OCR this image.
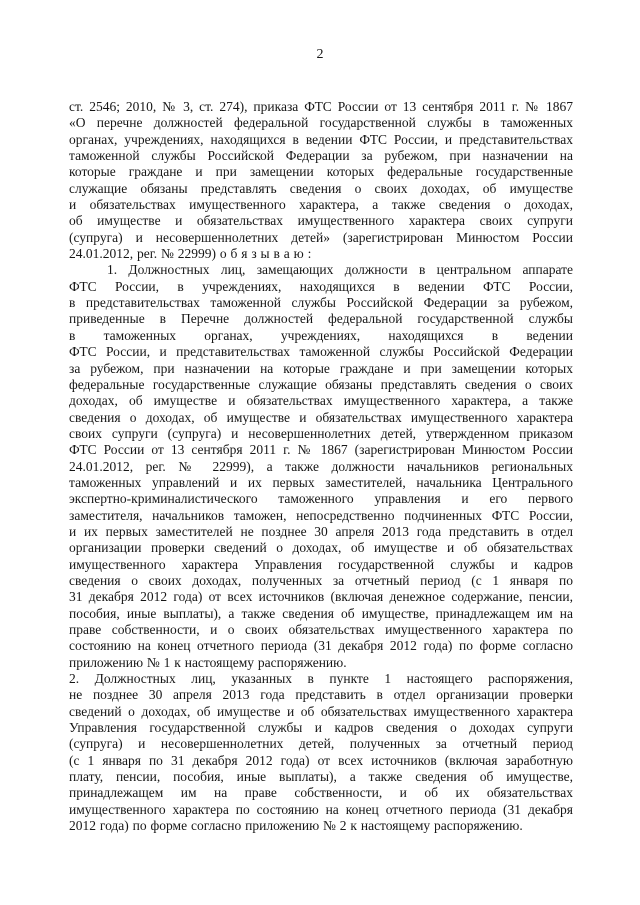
2
ст. 2546; 2010, № 3, ст. 274), приказа ФТС России от 13 сентября 2011 г. № 1867
«О перечне должностей федеральной государственной службы в таможенных
органах, учреждениях, находящихся в ведении ФТС России, и представительствах
таможенной службы Российской Федерации за рубежом, при назначении на
которые граждане и при замещении которых федеральные государственные
служащие обязаны представлять сведения о своих доходах, об имуществе
и обязательствах имущественного характера, а также сведения о доходах,
об имуществе и обязательствах имущественного характера своих супруги
(супруга) и несовершеннолетних детей» (зарегистрирован Минюстом России
24.01.2012, рег. № 22999) о б я з ы в а ю :
1. Должностных лиц, замещающих должности в центральном аппарате
ФТС России, в учреждениях, находящихся в ведении ФТС России,
в представительствах таможенной службы Российской Федерации за рубежом,
приведенные в Перечне должностей федеральной государственной службы
в таможенных органах, учреждениях, находящихся в ведении
ФТС России, и представительствах таможенной службы Российской Федерации
за рубежом, при назначении на которые граждане и при замещении которых
федеральные государственные служащие обязаны представлять сведения о своих
доходах, об имуществе и обязательствах имущественного характера, а также
сведения о доходах, об имуществе и обязательствах имущественного характера
своих супруги (супруга) и несовершеннолетних детей, утвержденном приказом
ФТС России от 13 сентября 2011 г. № 1867 (зарегистрирован Минюстом России
24.01.2012, рег. № 22999), а также должности начальников региональных
таможенных управлений и их первых заместителей, начальника Центрального
экспертно-криминалистического таможенного управления и его первого
заместителя, начальников таможен, непосредственно подчиненных ФТС России,
и их первых заместителей не позднее 30 апреля 2013 года представить в отдел
организации проверки сведений о доходах, об имуществе и об обязательствах
имущественного характера Управления государственной службы и кадров
сведения о своих доходах, полученных за отчетный период (с 1 января по
31 декабря 2012 года) от всех источников (включая денежное содержание, пенсии,
пособия, иные выплаты), а также сведения об имуществе, принадлежащем им на
праве собственности, и о своих обязательствах имущественного характера по
состоянию на конец отчетного периода (31 декабря 2012 года) по форме согласно
приложению № 1 к настоящему распоряжению.
2. Должностных лиц, указанных в пункте 1 настоящего распоряжения,
не позднее 30 апреля 2013 года представить в отдел организации проверки
сведений о доходах, об имуществе и об обязательствах имущественного характера
Управления государственной службы и кадров сведения о доходах супруги
(супруга) и несовершеннолетних детей, полученных за отчетный период
(с 1 января по 31 декабря 2012 года) от всех источников (включая заработную
плату, пенсии, пособия, иные выплаты), а также сведения об имуществе,
принадлежащем им на праве собственности, и об их обязательствах
имущественного характера по состоянию на конец отчетного периода (31 декабря
2012 года) по форме согласно приложению № 2 к настоящему распоряжению.
